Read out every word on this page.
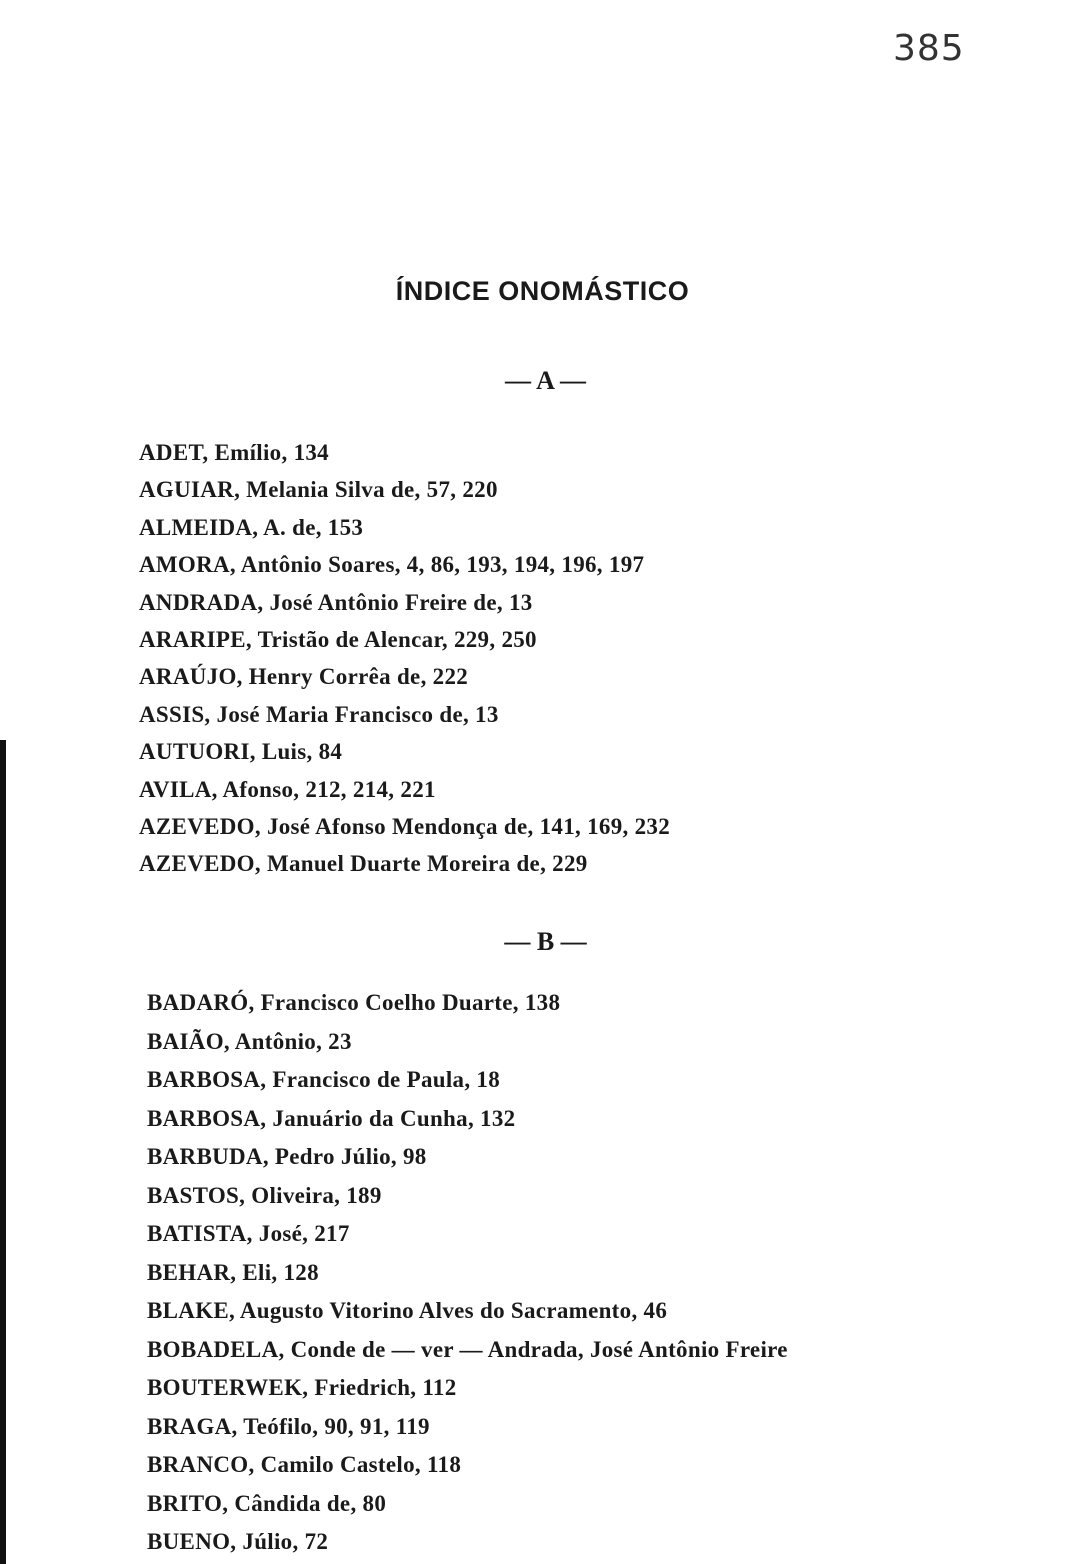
385
ÍNDICE ONOMÁSTICO
— A —
ADET, Emílio, 134
AGUIAR, Melania Silva de, 57, 220
ALMEIDA, A. de, 153
AMORA, Antônio Soares, 4, 86, 193, 194, 196, 197
ANDRADA, José Antônio Freire de, 13
ARARIPE, Tristão de Alencar, 229, 250
ARAÚJO, Henry Corrêa de, 222
ASSIS, José Maria Francisco de, 13
AUTUORI, Luis, 84
AVILA, Afonso, 212, 214, 221
AZEVEDO, José Afonso Mendonça de, 141, 169, 232
AZEVEDO, Manuel Duarte Moreira de, 229
— B —
BADARÓ, Francisco Coelho Duarte, 138
BAIÃO, Antônio, 23
BARBOSA, Francisco de Paula, 18
BARBOSA, Januário da Cunha, 132
BARBUDA, Pedro Júlio, 98
BASTOS, Oliveira, 189
BATISTA, José, 217
BEHAR, Eli, 128
BLAKE, Augusto Vitorino Alves do Sacramento, 46
BOBADELA, Conde de — ver — Andrada, José Antônio Freire
BOUTERWEK, Friedrich, 112
BRAGA, Teófilo, 90, 91, 119
BRANCO, Camilo Castelo, 118
BRITO, Cândida de, 80
BUENO, Júlio, 72
